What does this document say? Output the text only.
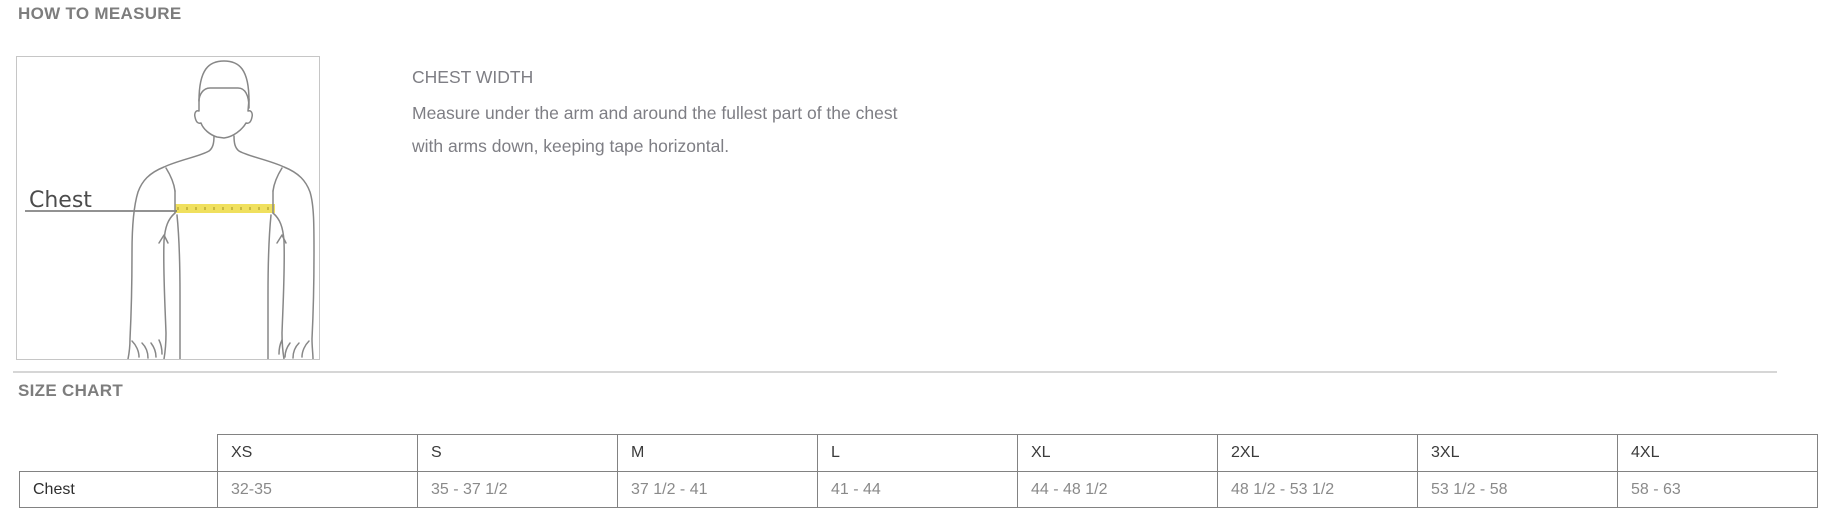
HOW TO MEASURE
Chest
CHEST WIDTH
Measure under the arm and around the fullest part of the chest
with arms down, keeping tape horizontal.
SIZE CHART
	XS	S	M	L	XL	2XL	3XL	4XL
Chest	32-35	35 - 37 1/2	37 1/2 - 41	41 - 44	44 - 48 1/2	48 1/2 - 53 1/2	53 1/2 - 58	58 - 63
